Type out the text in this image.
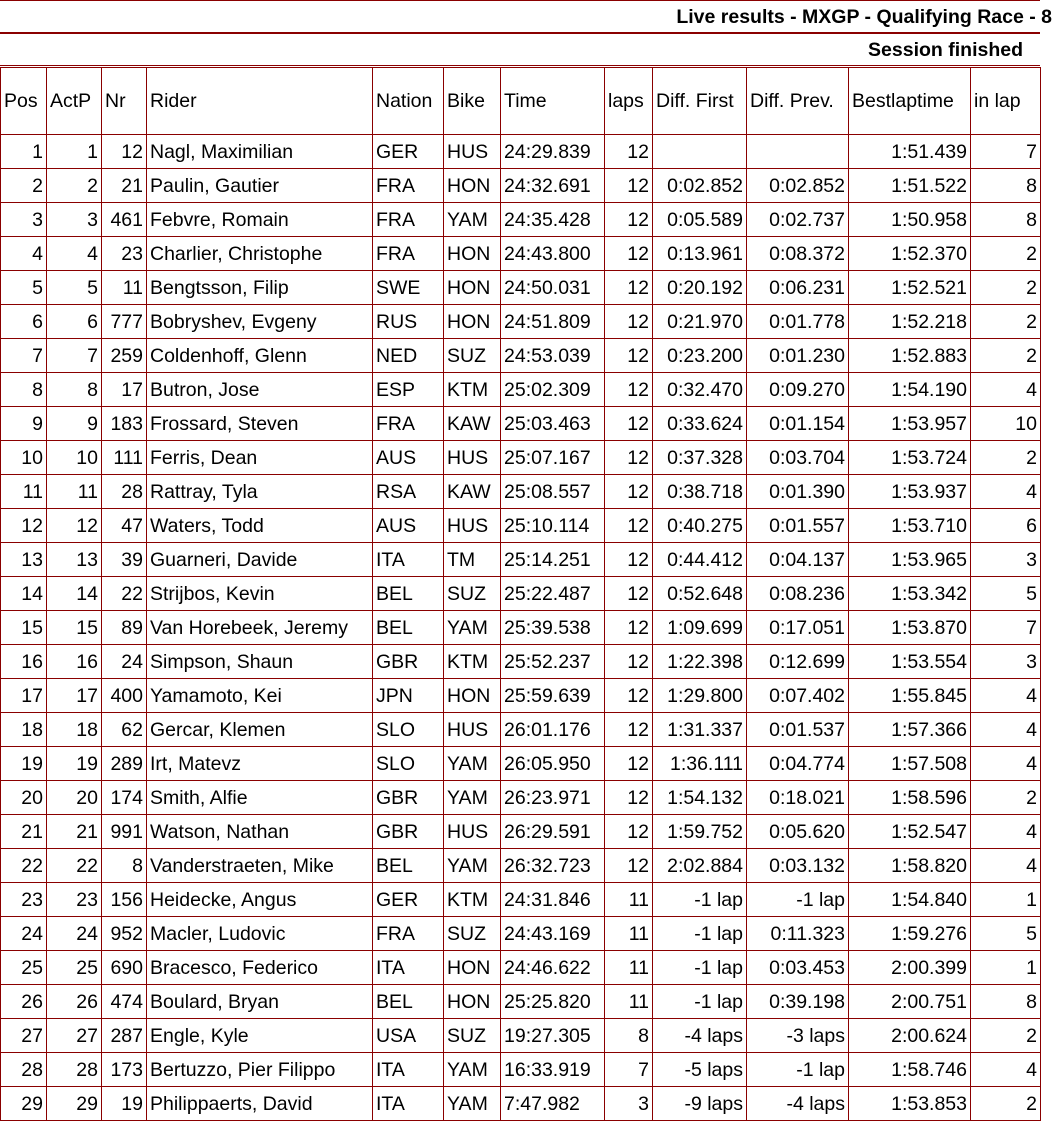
Live results - MXGP - Qualifying Race - 8
Session finished
Pos	ActP	Nr	Rider	Nation	Bike	Time	laps	Diff. First	Diff. Prev.	Bestlaptime	in lap
1	1	12	Nagl, Maximilian	GER	HUS	24:29.839	12			1:51.439	7
2	2	21	Paulin, Gautier	FRA	HON	24:32.691	12	0:02.852	0:02.852	1:51.522	8
3	3	461	Febvre, Romain	FRA	YAM	24:35.428	12	0:05.589	0:02.737	1:50.958	8
4	4	23	Charlier, Christophe	FRA	HON	24:43.800	12	0:13.961	0:08.372	1:52.370	2
5	5	11	Bengtsson, Filip	SWE	HON	24:50.031	12	0:20.192	0:06.231	1:52.521	2
6	6	777	Bobryshev, Evgeny	RUS	HON	24:51.809	12	0:21.970	0:01.778	1:52.218	2
7	7	259	Coldenhoff, Glenn	NED	SUZ	24:53.039	12	0:23.200	0:01.230	1:52.883	2
8	8	17	Butron, Jose	ESP	KTM	25:02.309	12	0:32.470	0:09.270	1:54.190	4
9	9	183	Frossard, Steven	FRA	KAW	25:03.463	12	0:33.624	0:01.154	1:53.957	10
10	10	111	Ferris, Dean	AUS	HUS	25:07.167	12	0:37.328	0:03.704	1:53.724	2
11	11	28	Rattray, Tyla	RSA	KAW	25:08.557	12	0:38.718	0:01.390	1:53.937	4
12	12	47	Waters, Todd	AUS	HUS	25:10.114	12	0:40.275	0:01.557	1:53.710	6
13	13	39	Guarneri, Davide	ITA	TM	25:14.251	12	0:44.412	0:04.137	1:53.965	3
14	14	22	Strijbos, Kevin	BEL	SUZ	25:22.487	12	0:52.648	0:08.236	1:53.342	5
15	15	89	Van Horebeek, Jeremy	BEL	YAM	25:39.538	12	1:09.699	0:17.051	1:53.870	7
16	16	24	Simpson, Shaun	GBR	KTM	25:52.237	12	1:22.398	0:12.699	1:53.554	3
17	17	400	Yamamoto, Kei	JPN	HON	25:59.639	12	1:29.800	0:07.402	1:55.845	4
18	18	62	Gercar, Klemen	SLO	HUS	26:01.176	12	1:31.337	0:01.537	1:57.366	4
19	19	289	Irt, Matevz	SLO	YAM	26:05.950	12	1:36.111	0:04.774	1:57.508	4
20	20	174	Smith, Alfie	GBR	YAM	26:23.971	12	1:54.132	0:18.021	1:58.596	2
21	21	991	Watson, Nathan	GBR	HUS	26:29.591	12	1:59.752	0:05.620	1:52.547	4
22	22	8	Vanderstraeten, Mike	BEL	YAM	26:32.723	12	2:02.884	0:03.132	1:58.820	4
23	23	156	Heidecke, Angus	GER	KTM	24:31.846	11	-1 lap	-1 lap	1:54.840	1
24	24	952	Macler, Ludovic	FRA	SUZ	24:43.169	11	-1 lap	0:11.323	1:59.276	5
25	25	690	Bracesco, Federico	ITA	HON	24:46.622	11	-1 lap	0:03.453	2:00.399	1
26	26	474	Boulard, Bryan	BEL	HON	25:25.820	11	-1 lap	0:39.198	2:00.751	8
27	27	287	Engle, Kyle	USA	SUZ	19:27.305	8	-4 laps	-3 laps	2:00.624	2
28	28	173	Bertuzzo, Pier Filippo	ITA	YAM	16:33.919	7	-5 laps	-1 lap	1:58.746	4
29	29	19	Philippaerts, David	ITA	YAM	7:47.982	3	-9 laps	-4 laps	1:53.853	2
